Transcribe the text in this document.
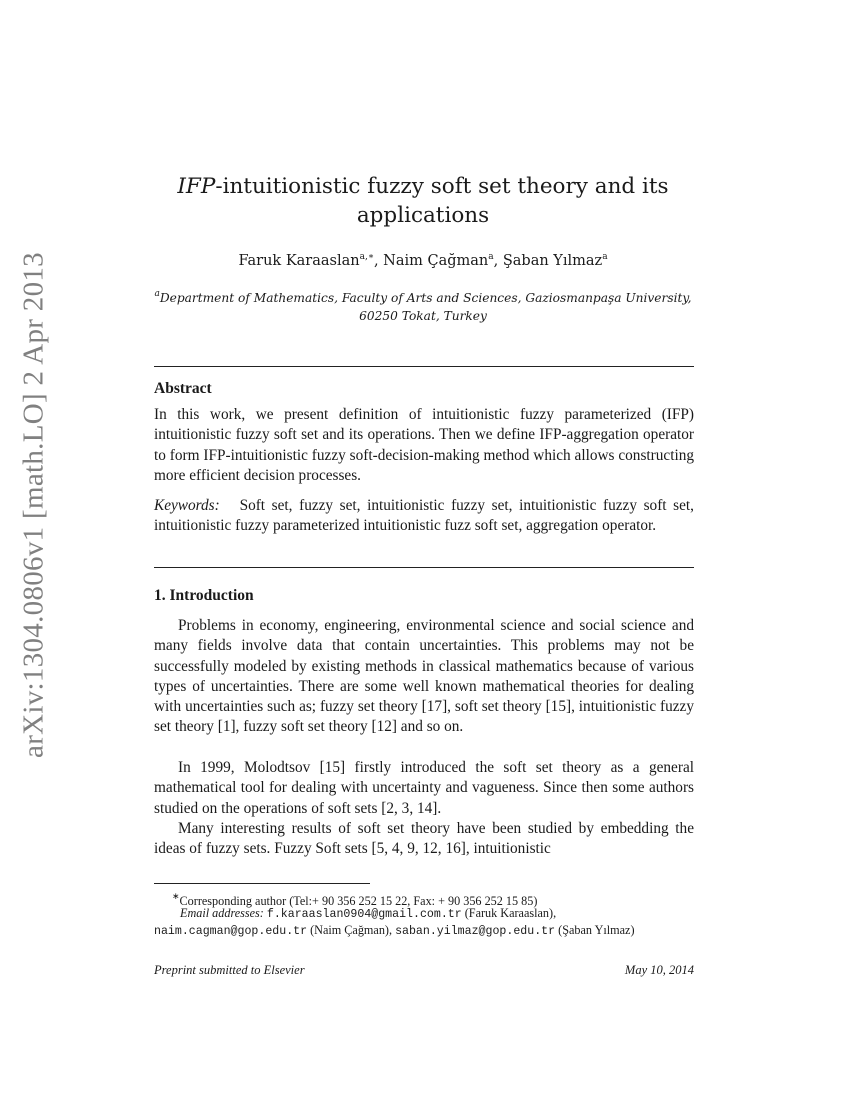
arXiv:1304.0806v1 [math.LO] 2 Apr 2013
IFP-intuitionistic fuzzy soft set theory and its
applications
Faruk Karaaslan$^{a,∗}$, Naim Çağman$^a$, Şaban Yılmaz$^a$
$^a$Department of Mathematics, Faculty of Arts and Sciences, Gaziosmanpaşa University,
60250 Tokat, Turkey
Abstract
In this work, we present definition of intuitionistic fuzzy parameterized (IFP) intuitionistic fuzzy soft set and its operations. Then we define IFP-aggregation operator to form IFP-intuitionistic fuzzy soft-decision-making method which allows constructing more efficient decision processes.
Keywords: Soft set, fuzzy set, intuitionistic fuzzy set, intuitionistic fuzzy soft set, intuitionistic fuzzy parameterized intuitionistic fuzz soft set, aggregation operator.
1. Introduction
Problems in economy, engineering, environmental science and social science and many fields involve data that contain uncertainties. This problems may not be successfully modeled by existing methods in classical mathematics because of various types of uncertainties. There are some well known mathematical theories for dealing with uncertainties such as; fuzzy set theory [17], soft set theory [15], intuitionistic fuzzy set theory [1], fuzzy soft set theory [12] and so on.
In 1999, Molodtsov [15] firstly introduced the soft set theory as a general mathematical tool for dealing with uncertainty and vagueness. Since then some authors studied on the operations of soft sets [2, 3, 14].
Many interesting results of soft set theory have been studied by embedding the ideas of fuzzy sets. Fuzzy Soft sets [5, 4, 9, 12, 16], intuitionistic
∗Corresponding author (Tel:+ 90 356 252 15 22, Fax: + 90 356 252 15 85)
Email addresses: f.karaaslan0904@gmail.com.tr (Faruk Karaaslan),
naim.cagman@gop.edu.tr (Naim Çağman), saban.yilmaz@gop.edu.tr (Şaban Yılmaz)
Preprint submitted to Elsevier	May 10, 2014
